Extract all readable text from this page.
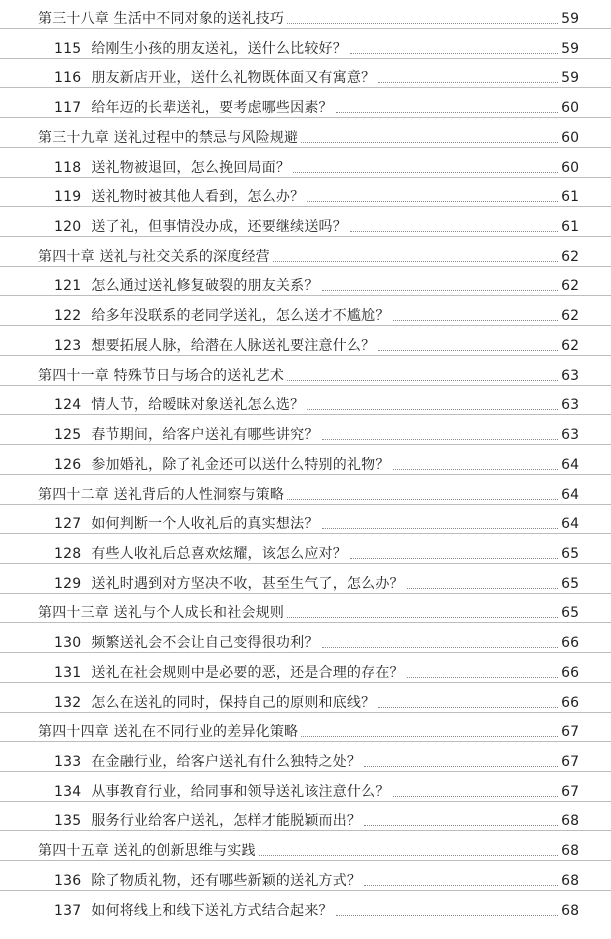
第三十八章 生活中不同对象的送礼技巧	59
115 给刚生小孩的朋友送礼，送什么比较好？	59
116 朋友新店开业，送什么礼物既体面又有寓意？	59
117 给年迈的长辈送礼，要考虑哪些因素？	60
第三十九章 送礼过程中的禁忌与风险规避	60
118 送礼物被退回，怎么挽回局面？	60
119 送礼物时被其他人看到，怎么办？	61
120 送了礼，但事情没办成，还要继续送吗？	61
第四十章 送礼与社交关系的深度经营	62
121 怎么通过送礼修复破裂的朋友关系？	62
122 给多年没联系的老同学送礼，怎么送才不尴尬？	62
123 想要拓展人脉，给潜在人脉送礼要注意什么？	62
第四十一章 特殊节日与场合的送礼艺术	63
124 情人节，给暧昧对象送礼怎么选？	63
125 春节期间，给客户送礼有哪些讲究？	63
126 参加婚礼，除了礼金还可以送什么特别的礼物？	64
第四十二章 送礼背后的人性洞察与策略	64
127 如何判断一个人收礼后的真实想法？	64
128 有些人收礼后总喜欢炫耀，该怎么应对？	65
129 送礼时遇到对方坚决不收，甚至生气了，怎么办？	65
第四十三章 送礼与个人成长和社会规则	65
130 频繁送礼会不会让自己变得很功利？	66
131 送礼在社会规则中是必要的恶，还是合理的存在？	66
132 怎么在送礼的同时，保持自己的原则和底线？	66
第四十四章 送礼在不同行业的差异化策略	67
133 在金融行业，给客户送礼有什么独特之处？	67
134 从事教育行业，给同事和领导送礼该注意什么？	67
135 服务行业给客户送礼，怎样才能脱颖而出？	68
第四十五章 送礼的创新思维与实践	68
136 除了物质礼物，还有哪些新颖的送礼方式？	68
137 如何将线上和线下送礼方式结合起来？	68
